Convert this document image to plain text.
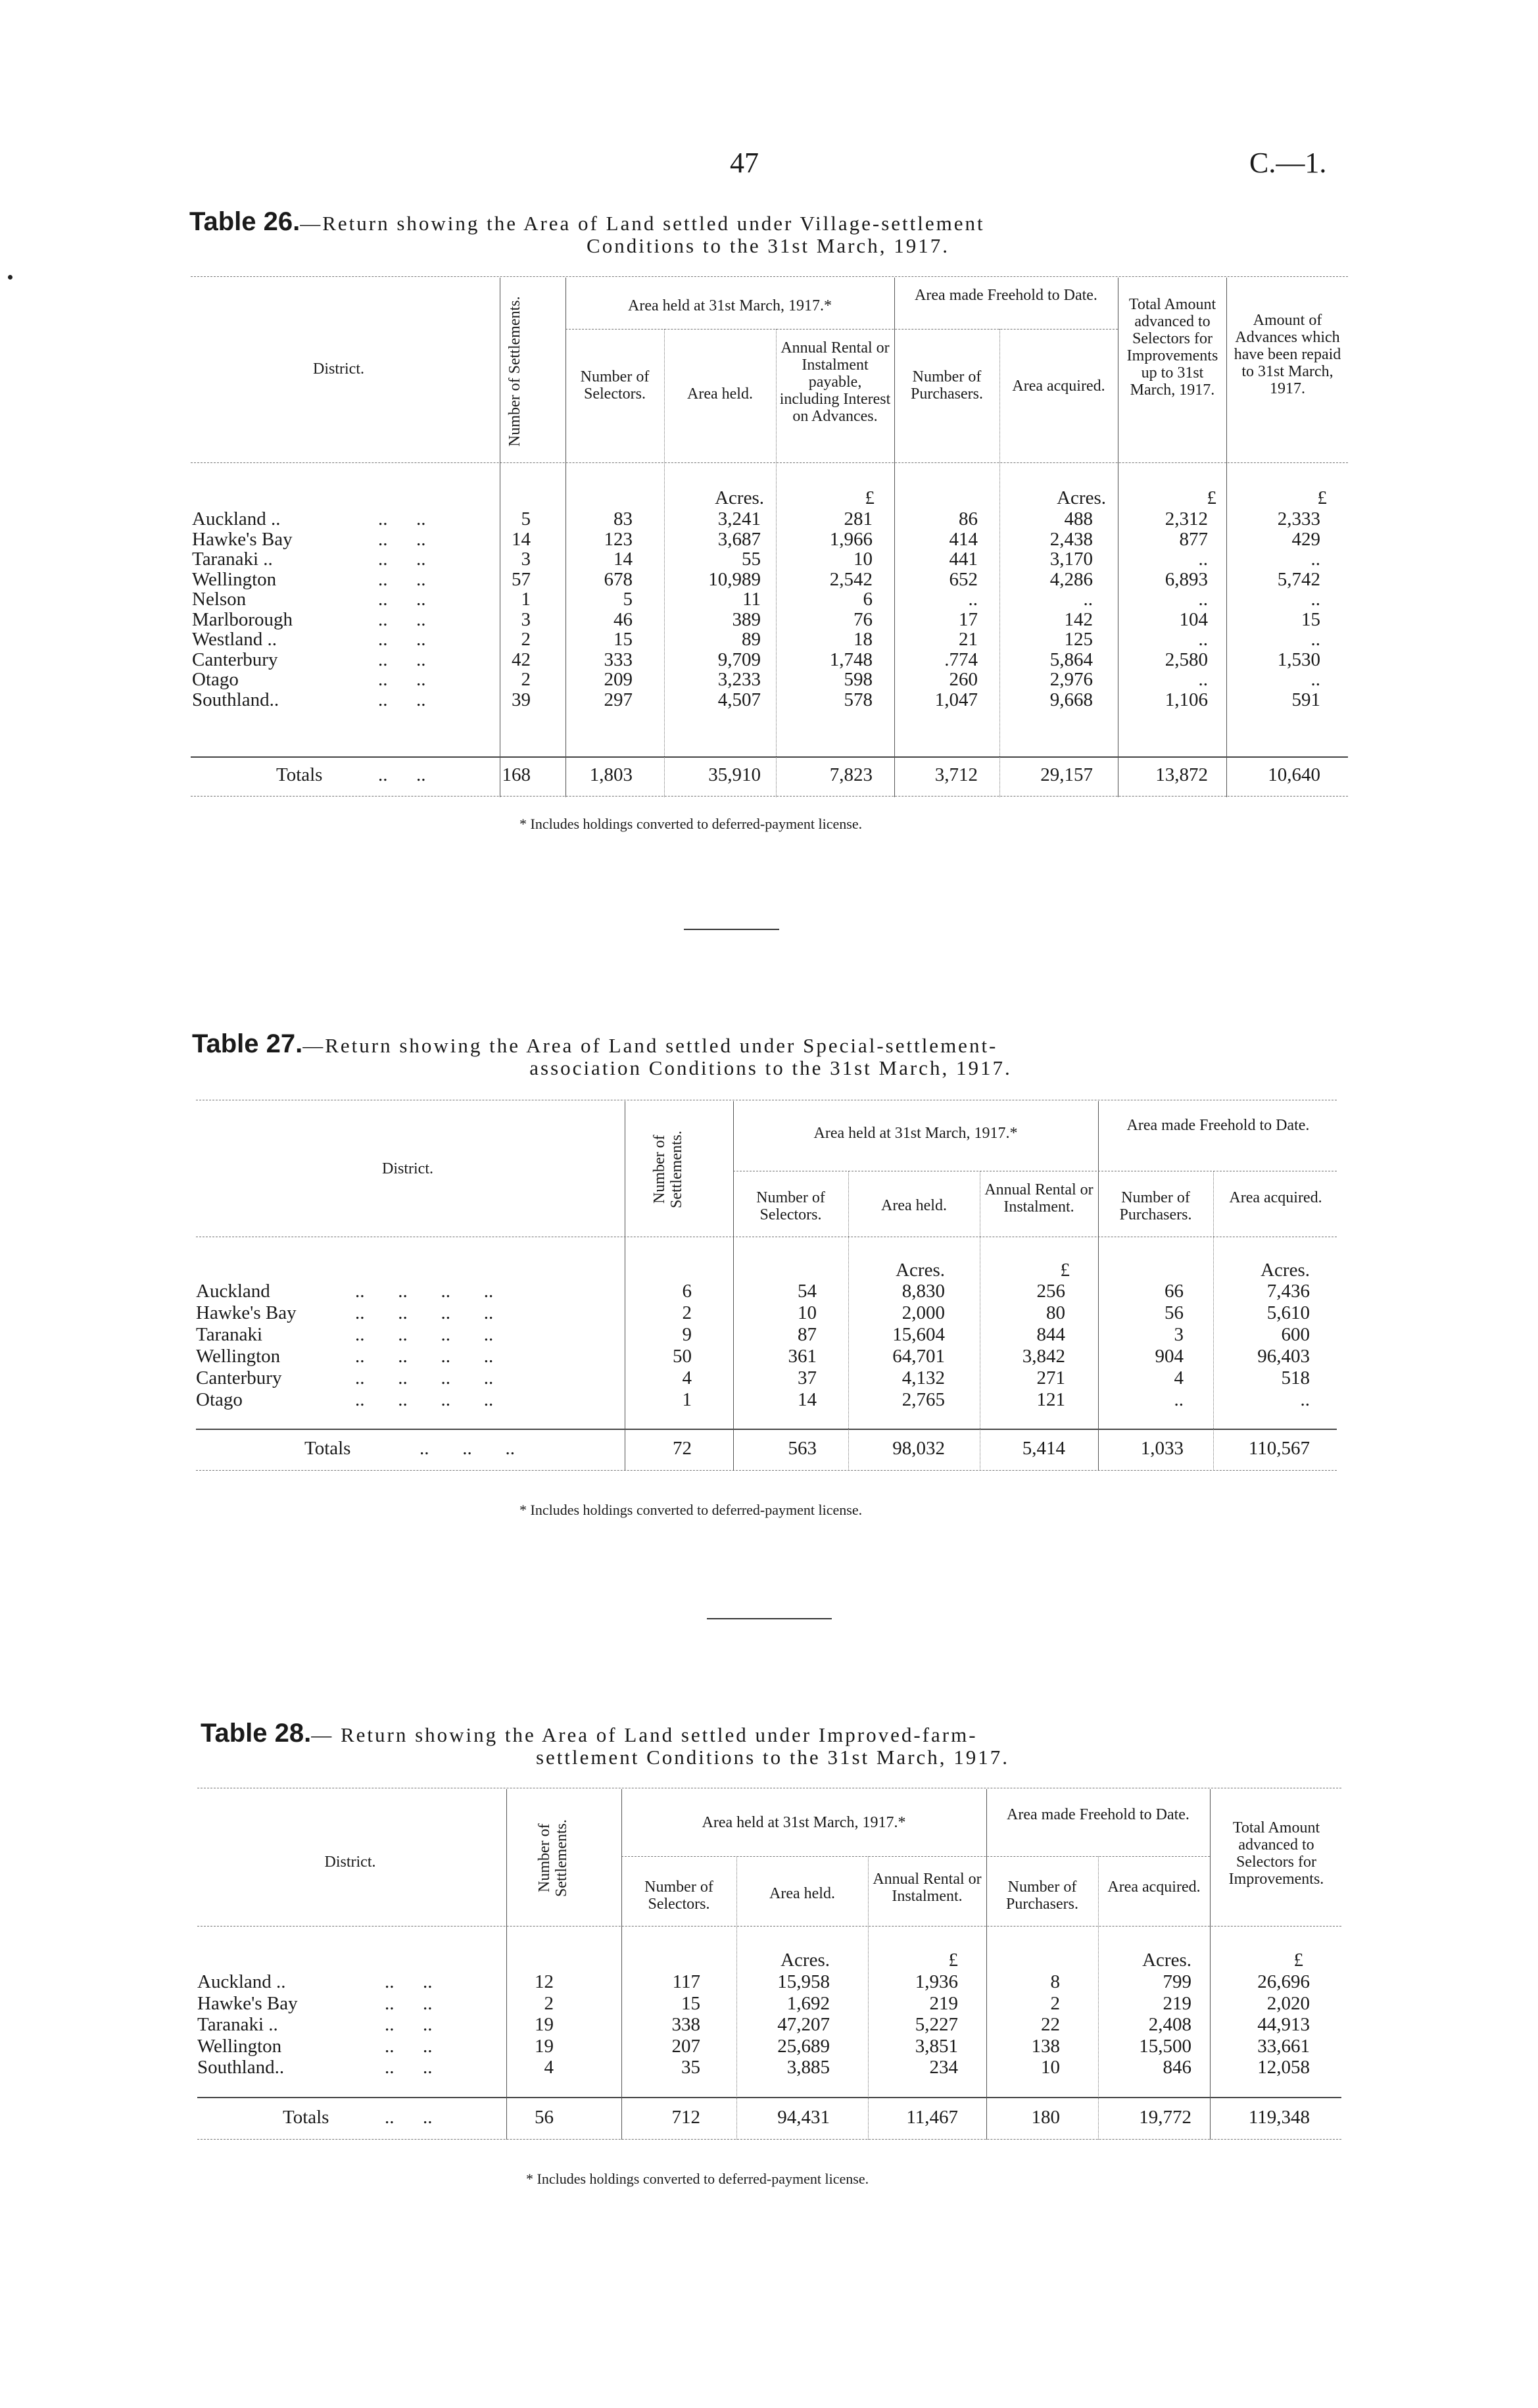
47	C.—1.
Table 26.—Return showing the Area of Land settled under Village-settlement
Conditions to the 31st March, 1917.
District.	Number of Settlements.	Area held at 31st March, 1917.*
Number of Selectors.	Area held.
Annual Rental or Instalment payable, including Interest on Advances.
Area made Freehold to Date.
Number of Purchasers.	Area acquired.
Total Amount advanced to Selectors for Improvements up to 31st March, 1917.
Amount of Advances which have been repaid to 31st March, 1917.
Acres.	£	Acres.	£	£
Auckland ..	..      ..	5	83	3,241	281	86	488	2,312	2,333
Hawke's Bay	..      ..	14	123	3,687	1,966	414	2,438	877	429
Taranaki ..	..      ..	3	14	55	10	441	3,170	..	..
Wellington	..      ..	57	678	10,989	2,542	652	4,286	6,893	5,742
Nelson	..      ..	1	5	11	6	..	..	..	..
Marlborough	..      ..	3	46	389	76	17	142	104	15
Westland ..	..      ..	2	15	89	18	21	125	..	..
Canterbury	..      ..	42	333	9,709	1,748	.774	5,864	2,580	1,530
Otago	..      ..	2	209	3,233	598	260	2,976	..	..
Southland..	..      ..	39	297	4,507	578	1,047	9,668	1,106	591
Totals	..      ..	168	1,803	35,910	7,823	3,712	29,157	13,872	10,640
* Includes holdings converted to deferred-payment license.
Table 27.—Return showing the Area of Land settled under Special-settlement-
association Conditions to the 31st March, 1917.
District.	Number of Settlements.	Area held at 31st March, 1917.*
Number of Selectors.
Area held.
Annual Rental or Instalment.
Area made Freehold to Date.
Number of Purchasers.
Area acquired.
Acres.	£	Acres.
Auckland	..       ..       ..       ..	6	54	8,830	256	66	7,436
Hawke's Bay	..       ..       ..       ..	2	10	2,000	80	56	5,610
Taranaki	..       ..       ..       ..	9	87	15,604	844	3	600
Wellington	..       ..       ..       ..	50	361	64,701	3,842	904	96,403
Canterbury	..       ..       ..       ..	4	37	4,132	271	4	518
Otago	..       ..       ..       ..	1	14	2,765	121	..	..
Totals	..       ..       ..	72	563	98,032	5,414	1,033	110,567
* Includes holdings converted to deferred-payment license.
Table 28.— Return showing the Area of Land settled under Improved-farm-
settlement Conditions to the 31st March, 1917.
District.	Number of Settlements.	Area held at 31st March, 1917.*
Number of Selectors.
Area held.
Annual Rental or Instalment.
Area made Freehold to Date.
Number of Purchasers.
Area acquired.
Total Amount advanced to Selectors for Improvements.
Acres.	£	Acres.	£
Auckland ..	..      ..	12	117	15,958	1,936	8	799	26,696
Hawke's Bay	..      ..	2	15	1,692	219	2	219	2,020
Taranaki ..	..      ..	19	338	47,207	5,227	22	2,408	44,913
Wellington	..      ..	19	207	25,689	3,851	138	15,500	33,661
Southland..	..      ..	4	35	3,885	234	10	846	12,058
Totals	..      ..	56	712	94,431	11,467	180	19,772	119,348
* Includes holdings converted to deferred-payment license.
